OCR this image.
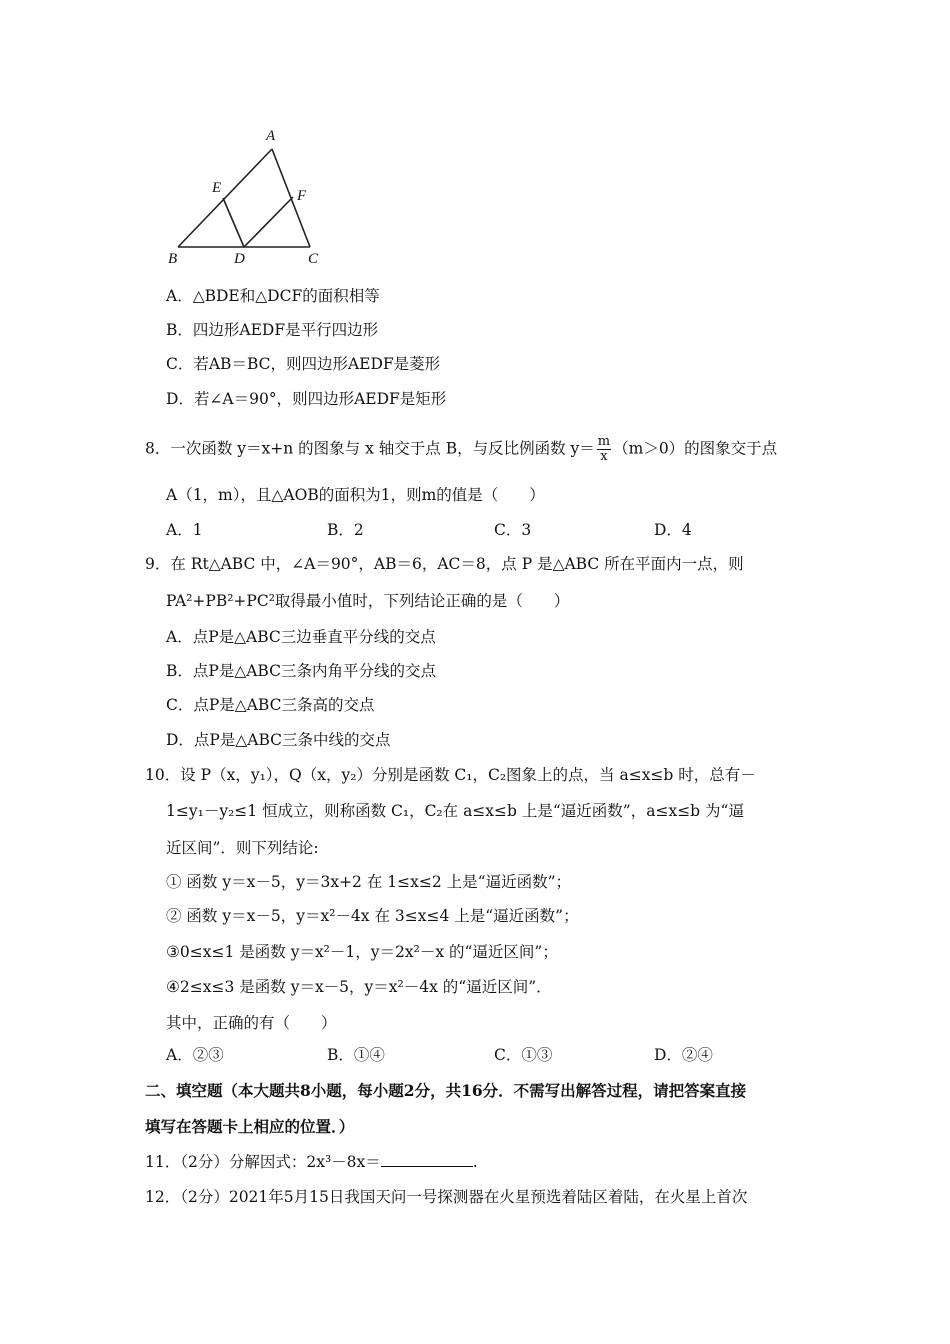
A
E	F
B	D	C
A．△BDE和△DCF的面积相等
B．四边形AEDF是平行四边形
C．若AB＝BC，则四边形AEDF是菱形
D．若∠A＝90°，则四边形AEDF是矩形
8．一次函数 y＝x+n 的图象与 x 轴交于点 B，与反比例函数 $y= \frac{m}{x} (m>0)$的图象交于点
A（1，m），且△AOB的面积为1，则m的值是（　　）
A．1	B．2	C．3	D．4
9．在 Rt△ABC 中，∠A＝90°，AB＝6，AC＝8，点 P 是△ABC 所在平面内一点，则
PA²+PB²+PC²取得最小值时，下列结论正确的是（　　）
A．点P是△ABC三边垂直平分线的交点
B．点P是△ABC三条内角平分线的交点
C．点P是△ABC三条高的交点
D．点P是△ABC三条中线的交点
10．设 P（x，y₁），Q（x，y₂）分别是函数 C₁，C₂图象上的点，当 a≤x≤b 时，总有－
1≤y₁－y₂≤1 恒成立，则称函数 C₁，C₂在 a≤x≤b 上是“逼近函数”，a≤x≤b 为“逼
近区间”．则下列结论:
① 函数 y＝x－5，y＝3x+2 在 1≤x≤2 上是“逼近函数”；
② 函数 y＝x－5，y＝x²－4x 在 3≤x≤4 上是“逼近函数”；
③0≤x≤1 是函数 y＝x²－1，y＝2x²－x 的“逼近区间”；
④2≤x≤3 是函数 y＝x－5，y＝x²－4x 的“逼近区间”．
其中，正确的有（　　）
A．②③	B．①④	C．①③	D．②④
二、填空题（本大题共8小题，每小题2分，共16分．不需写出解答过程，请把答案直接
填写在答题卡上相应的位置．）
11．（2分）分解因式：2x³－8x＝	.
12．（2分）2021年5月15日我国天问一号探测器在火星预选着陆区着陆，在火星上首次
